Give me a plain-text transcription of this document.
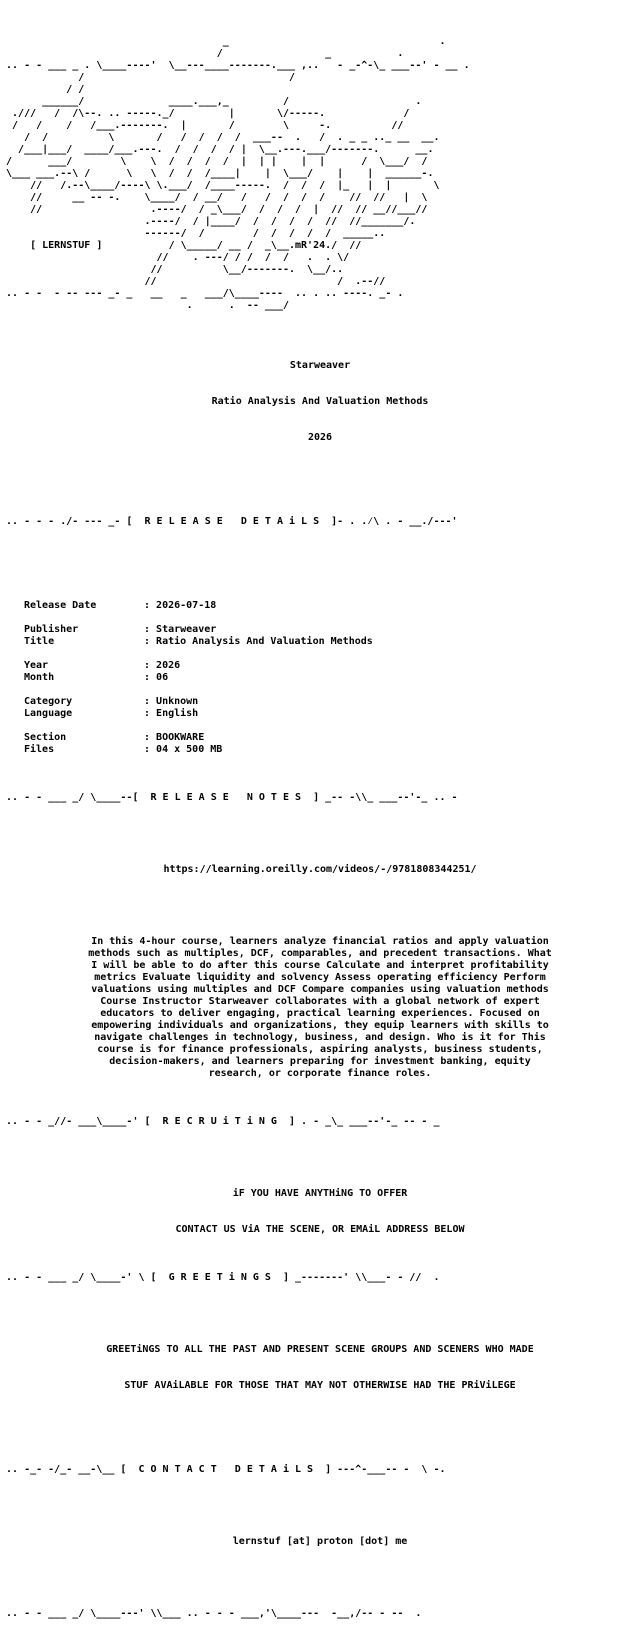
_                                   .
/                 _           .
.. - - ___ _ . \____----'  \__---____-------.___ ,..   - _-^-\_ ___--' - __ .
/                                  /
/ /
______/              ____.___,_         /                     .
.///   /  /\--. .. -----._/         |       \/-----.             /
/   /    /   /___.-------.  |       /        \     -.          //
/  /          \       /   /  /  /  /  ___--  .   /  . _ _ .._ __  __.
/___|___/  ____/___.---.  /  /  /  / |  \__.---.___/-------.      __.
/      ___/        \    \  /  /  /  /  |  | |    |  |      /  \___/  /
\___ ___.--\ /      \   \  /  /  /____|    |  \___/    |    |  ______-.
//   /.--\____/----\ \.___/  /____-----.  /  /  /  |_   |  |       \
//     __ -- -.    \____/  / __/   /   /  /  /  /    //  //   |  \
//                  .----/  / _\___/  /  /  /  |  //  // __//___//
.----/  / |____/  /  /  /  /  //  //_______/.
------/  /        /  /  /  /  /  _____..
[ LERNSTUF ]           / \_____/ __ /  _\__.mR'24./  //
//    . ---/ / /  /  /   .  . \/
//          \__/-------.  \__/..
//                              /  .--//
.. - -  - -- --- _- _   __   _   ___/\____----  .. . .. ----. _- .
.      .  -- ___/

Starweaver

Ratio Analysis And Valuation Methods

2026

.. - - - ./- --- _- [  R E L E A S E   D E T A i L S  ]- . .⁄\ . - __./---'

Release Date	: 2026-07-18

Publisher	: Starweaver
Title	: Ratio Analysis And Valuation Methods

Year	: 2026
Month	: 06

Category	: Unknown
Language	: English

Section	: BOOKWARE
Files	: 04 x 500 MB

.. - - ___ _/ \____--[  R E L E A S E   N O T E S  ] _-- -\\_ ___--'-_ .. -

https://learning.oreilly.com/videos/-/9781808344251/

In this 4-hour course, learners analyze financial ratios and apply valuation
methods such as multiples, DCF, comparables, and precedent transactions. What
I will be able to do after this course Calculate and interpret profitability
metrics Evaluate liquidity and solvency Assess operating efficiency Perform
valuations using multiples and DCF Compare companies using valuation methods
Course Instructor Starweaver collaborates with a global network of expert
educators to deliver engaging, practical learning experiences. Focused on
empowering individuals and organizations, they equip learners with skills to
navigate challenges in technology, business, and design. Who is it for This
course is for finance professionals, aspiring analysts, business students,
decision-makers, and learners preparing for investment banking, equity
research, or corporate finance roles.

.. - - _//- ___\____-' [  R E C R U i T i N G  ] . - _\_ ___--'-_ -- - _

iF YOU HAVE ANYTHiNG TO OFFER

CONTACT US ViA THE SCENE, OR EMAiL ADDRESS BELOW

.. - - ___ _/ \____-' \ [  G R E E T i N G S  ] _-------' \\___- - //  .

GREETiNGS TO ALL THE PAST AND PRESENT SCENE GROUPS AND SCENERS WHO MADE

STUF AVAiLABLE FOR THOSE THAT MAY NOT OTHERWISE HAD THE PRiViLEGE

.. -_- -/_- __-\__ [  C O N T A C T   D E T A i L S  ] ---^-___-- -  \ -.

lernstuf [at] proton [dot] me

.. - - ___ _/ \____---' \\___ .. - - - ___,'\____---  -__,/-- - --  .
